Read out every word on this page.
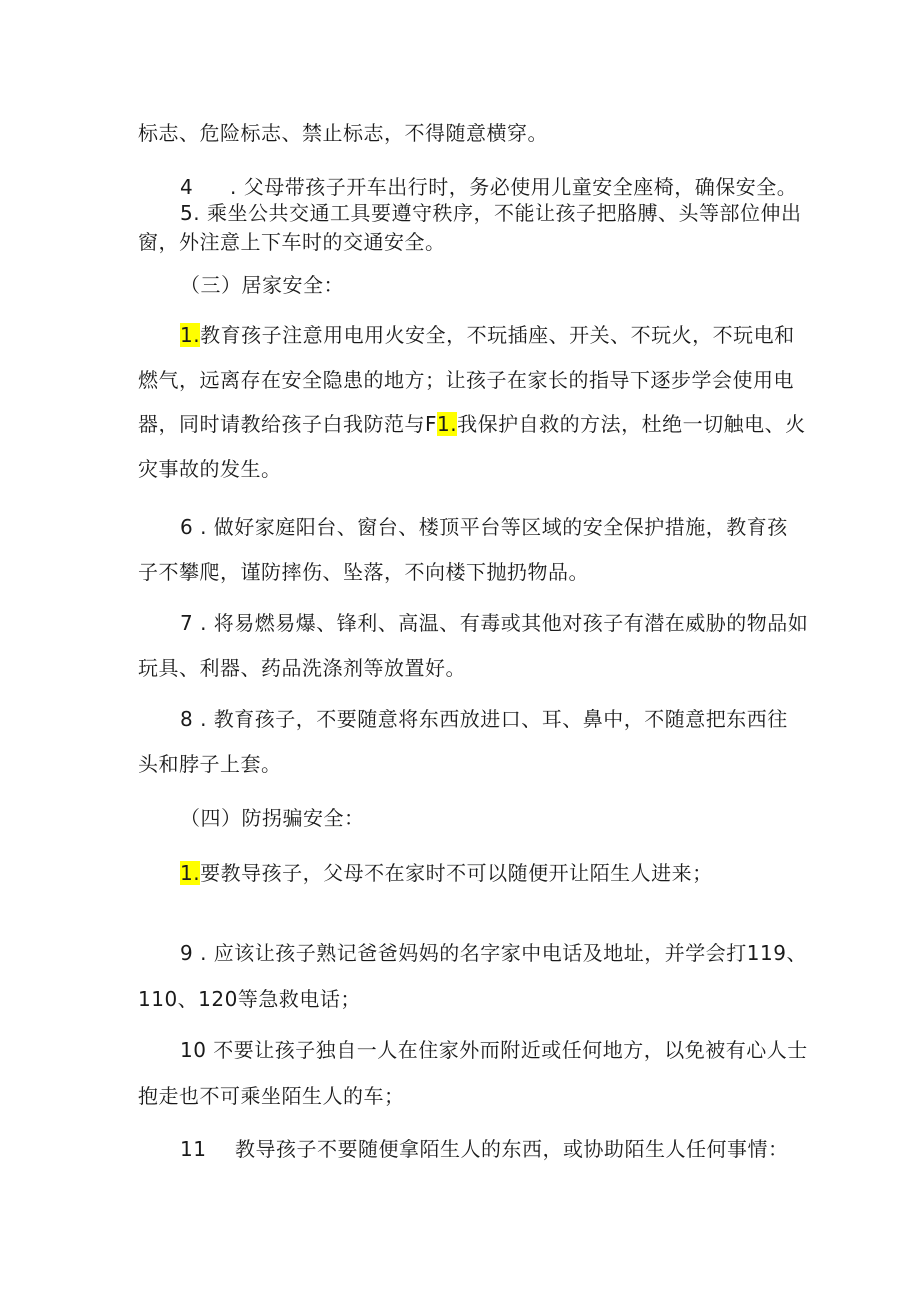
标志、危险标志、禁止标志，不得随意横穿。
4 . 父母带孩子开车出行时，务必使用儿童安全座椅，确保安全。
5. 乘坐公共交通工具要遵守秩序，不能让孩子把胳膊、头等部位伸出
窗，外注意上下车时的交通安全。
（三）居家安全：
1.教育孩子注意用电用火安全，不玩插座、开关、不玩火，不玩电和
燃气，远离存在安全隐患的地方；让孩子在家长的指导下逐步学会使用电
器，同时请教给孩子白我防范与F1.我保护自救的方法，杜绝一切触电、火
灾事故的发生。
6 . 做好家庭阳台、窗台、楼顶平台等区域的安全保护措施，教育孩
子不攀爬，谨防摔伤、坠落，不向楼下抛扔物品。
7 . 将易燃易爆、锋利、高温、有毒或其他对孩子有潜在威胁的物品如
玩具、利器、药品洗涤剂等放置好。
8 . 教育孩子，不要随意将东西放进口、耳、鼻中，不随意把东西往
头和脖子上套。
（四）防拐骗安全：
1.要教导孩子，父母不在家时不可以随便开让陌生人进来；
9 . 应该让孩子熟记爸爸妈妈的名字家中电话及地址，并学会打119、
110、120等急救电话；
10 不要让孩子独自一人在住家外而附近或任何地方，以免被有心人士
抱走也不可乘坐陌生人的车；
11 教导孩子不要随便拿陌生人的东西，或协助陌生人任何事情：
